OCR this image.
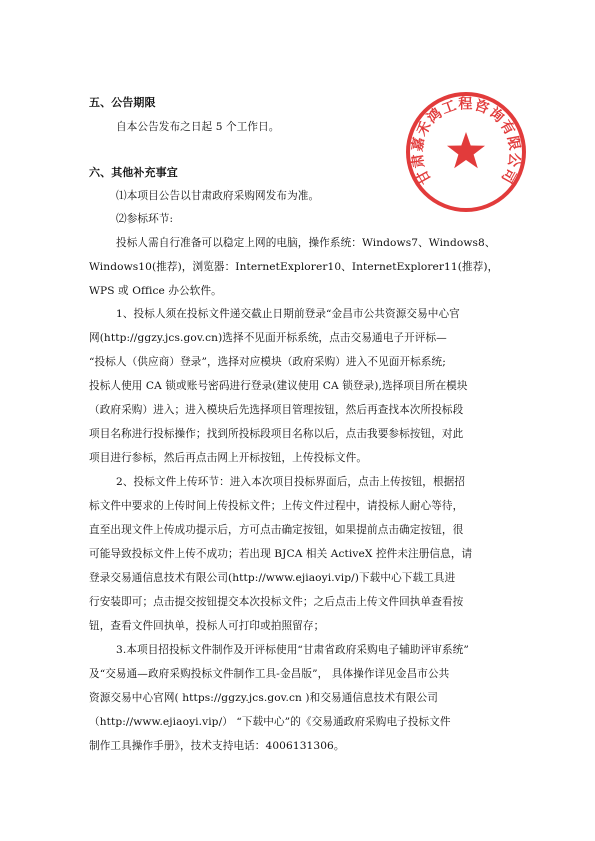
五、公告期限
自本公告发布之日起 5 个工作日。
六、其他补充事宜
⑴本项目公告以甘肃政府采购网发布为准。
⑵参标环节:
投标人需自行准备可以稳定上网的电脑，操作系统：Windows7、Windows8、
Windows10(推荐)，浏览器：InternetExplorer10、InternetExplorer11(推荐)，
WPS 或 Office 办公软件。
1、投标人须在投标文件递交截止日期前登录“金昌市公共资源交易中心官
网(http://ggzy.jcs.gov.cn)选择不见面开标系统，点击交易通电子开评标—
“投标人（供应商）登录”，选择对应模块（政府采购）进入不见面开标系统;
投标人使用 CA 锁或账号密码进行登录(建议使用 CA 锁登录),选择项目所在模块
（政府采购）进入；进入模块后先选择项目管理按钮，然后再查找本次所投标段
项目名称进行投标操作；找到所投标段项目名称以后，点击我要参标按钮，对此
项目进行参标，然后再点击网上开标按钮，上传投标文件。
2、投标文件上传环节：进入本次项目投标界面后，点击上传按钮，根据招
标文件中要求的上传时间上传投标文件；上传文件过程中，请投标人耐心等待，
直至出现文件上传成功提示后，方可点击确定按钮，如果提前点击确定按钮，很
可能导致投标文件上传不成功；若出现 BJCA 相关 ActiveX 控件未注册信息，请
登录交易通信息技术有限公司(http://www.ejiaoyi.vip/)下载中心下载工具进
行安装即可；点击提交按钮提交本次投标文件；之后点击上传文件回执单查看按
钮，查看文件回执单，投标人可打印或拍照留存；
3.本项目招投标文件制作及开评标使用“甘肃省政府采购电子辅助评审系统”
及“交易通—政府采购投标文件制作工具-金昌版”， 具体操作详见金昌市公共
资源交易中心官网( https://ggzy.jcs.gov.cn )和交易通信息技术有限公司
（http://www.ejiaoyi.vip/） “下载中心”的《交易通政府采购电子投标文件
制作工具操作手册》，技术支持电话：4006131306。
甘肃嘉禾鸿工程咨询有限公司
